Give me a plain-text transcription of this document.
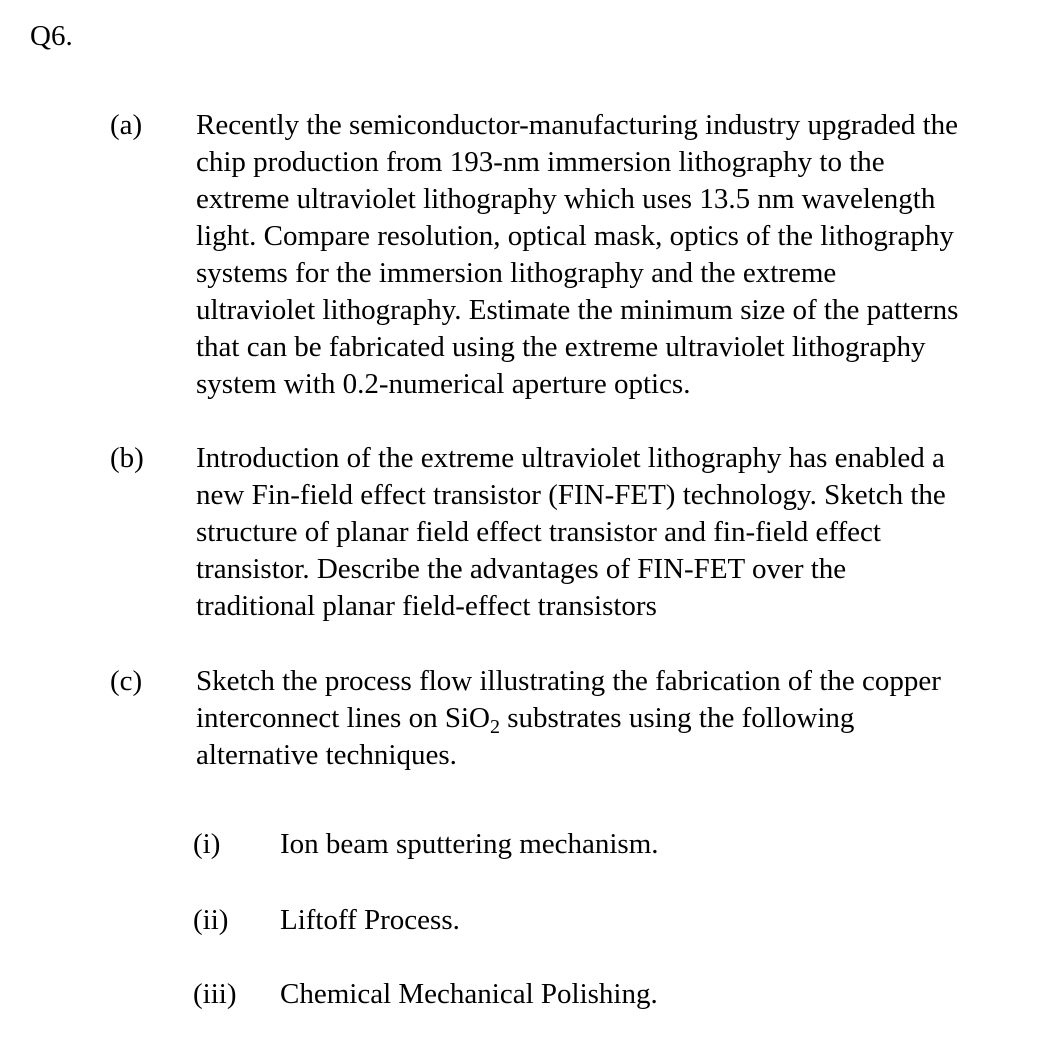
Q6.
(a) Recently the semiconductor-manufacturing industry upgraded the
chip production from 193-nm immersion lithography to the
extreme ultraviolet lithography which uses 13.5 nm wavelength
light. Compare resolution, optical mask, optics of the lithography
systems for the immersion lithography and the extreme
ultraviolet lithography. Estimate the minimum size of the patterns
that can be fabricated using the extreme ultraviolet lithography
system with 0.2-numerical aperture optics.
(b) Introduction of the extreme ultraviolet lithography has enabled a
new Fin-field effect transistor (FIN-FET) technology. Sketch the
structure of planar field effect transistor and fin-field effect
transistor. Describe the advantages of FIN-FET over the
traditional planar field-effect transistors
(c) Sketch the process flow illustrating the fabrication of the copper
interconnect lines on SiO$_2$ substrates using the following
alternative techniques.
(i) Ion beam sputtering mechanism.
(ii) Liftoff Process.
(iii) Chemical Mechanical Polishing.
